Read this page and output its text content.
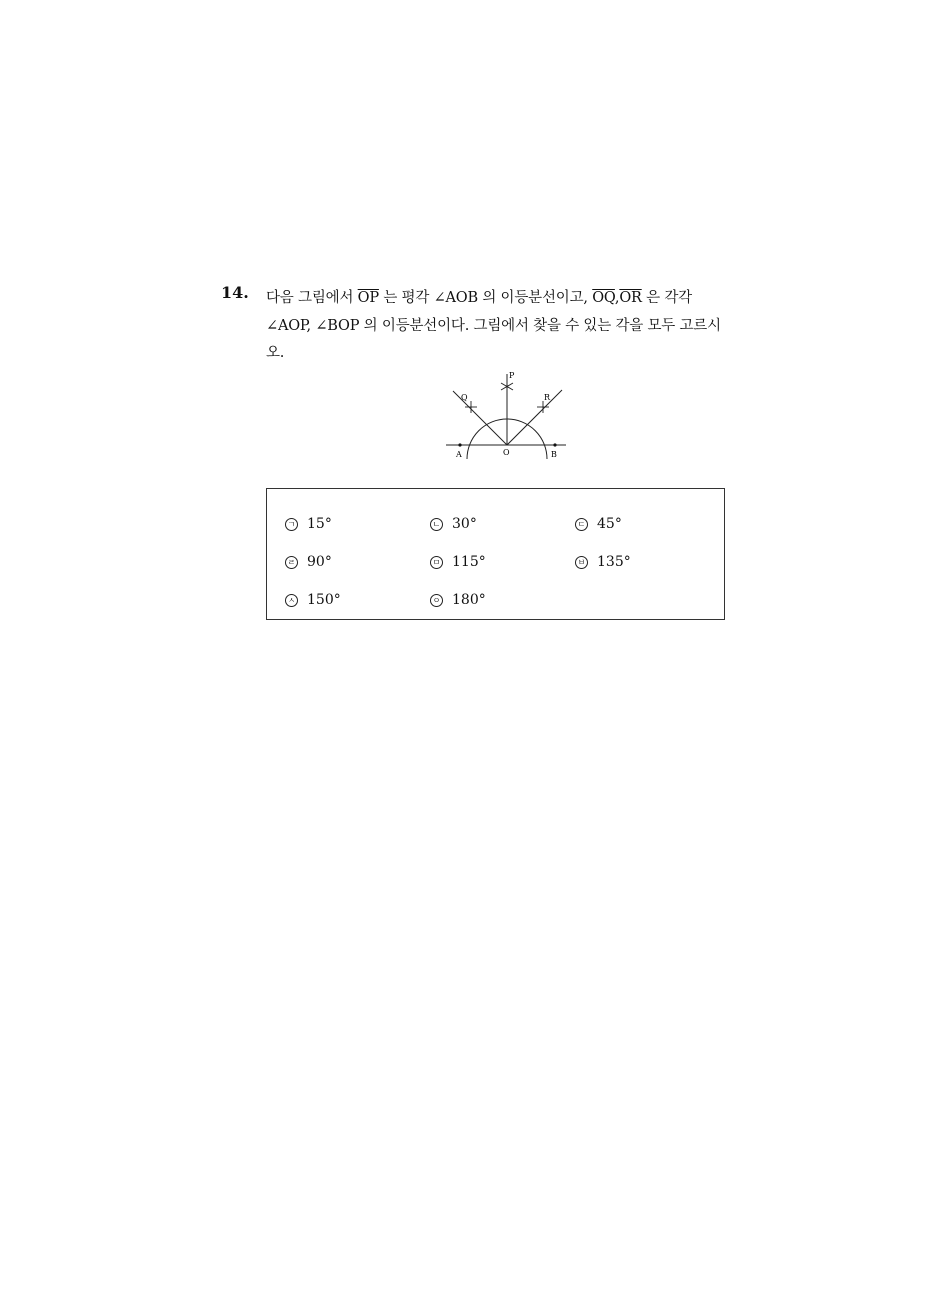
14. 다음 그림에서 $\overline{OP}$ 는 평각 ∠AOB 의 이등분선이고, $\overline{OQ},\overline{OR}$ 은 각각
∠AOP, ∠BOP 의 이등분선이다. 그림에서 찾을 수 있는 각을 모두 고르시
오.
A	O	B
P
Q	R
ㄱ 15°	ㄴ 30°	ㄷ 45°
ㄹ 90°	ㅁ 115°	ㅂ 135°
ㅅ 150°	ㅇ 180°
